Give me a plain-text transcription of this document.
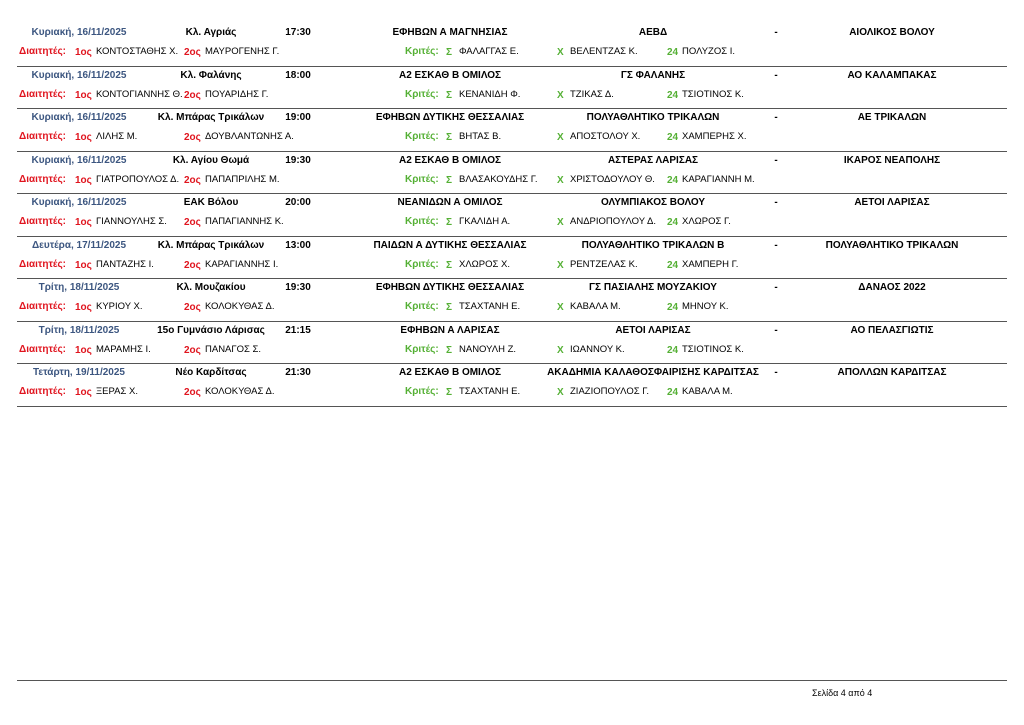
Κυριακή, 16/11/2025	Κλ. Αγριάς	17:30	ΕΦΗΒΩΝ Α ΜΑΓΝΗΣΙΑΣ	ΑΕΒΔ	-	ΑΙΟΛΙΚΟΣ ΒΟΛΟΥ
Διαιτητές: 1ος ΚΟΝΤΟΣΤΑΘΗΣ Χ. 2ος ΜΑΥΡΟΓΕΝΗΣ Γ.	Κριτές: Σ ΦΑΛΑΓΓΑΣ Ε.	Χ ΒΕΛΕΝΤΖΑΣ Κ.	24 ΠΟΛΥΖΟΣ Ι.
Κυριακή, 16/11/2025	Κλ. Φαλάνης	18:00	Α2 ΕΣΚΑΘ Β ΟΜΙΛΟΣ	ΓΣ ΦΑΛΑΝΗΣ	-	ΑΟ ΚΑΛΑΜΠΑΚΑΣ
Διαιτητές: 1ος ΚΟΝΤΟΓΙΑΝΝΗΣ Θ. 2ος ΠΟΥΑΡΙΔΗΣ Γ.	Κριτές: Σ ΚΕΝΑΝΙΔΗ Φ.	Χ ΤΖΙΚΑΣ Δ.	24 ΤΣΙΟΤΙΝΟΣ Κ.
Κυριακή, 16/11/2025	Κλ. Μπάρας Τρικάλων	19:00	ΕΦΗΒΩΝ ΔΥΤΙΚΗΣ ΘΕΣΣΑΛΙΑΣ	ΠΟΛΥΑΘΛΗΤΙΚΟ ΤΡΙΚΑΛΩΝ	-	ΑΕ ΤΡΙΚΑΛΩΝ
Διαιτητές: 1ος ΛΙΛΗΣ Μ.	2ος ΔΟΥΒΛΑΝΤΩΝΗΣ Α.	Κριτές: Σ ΒΗΤΑΣ Β.	Χ ΑΠΟΣΤΟΛΟΥ Χ.	24 ΧΑΜΠΕΡΗΣ Χ.
Κυριακή, 16/11/2025	Κλ. Αγίου Θωμά	19:30	Α2 ΕΣΚΑΘ Β ΟΜΙΛΟΣ	ΑΣΤΕΡΑΣ ΛΑΡΙΣΑΣ	-	ΙΚΑΡΟΣ ΝΕΑΠΟΛΗΣ
Διαιτητές: 1ος ΓΙΑΤΡΟΠΟΥΛΟΣ Δ. 2ος ΠΑΠΑΠΡΙΛΗΣ Μ.	Κριτές: Σ ΒΛΑΣΑΚΟΥΔΗΣ Γ. Χ ΧΡΙΣΤΟΔΟΥΛΟΥ Θ. 24 ΚΑΡΑΓΙΑΝΝΗ Μ.
Κυριακή, 16/11/2025	ΕΑΚ Βόλου	20:00	ΝΕΑΝΙΔΩΝ Α ΟΜΙΛΟΣ	ΟΛΥΜΠΙΑΚΟΣ ΒΟΛΟΥ	-	ΑΕΤΟΙ ΛΑΡΙΣΑΣ
Διαιτητές: 1ος ΓΙΑΝΝΟΥΛΗΣ Σ. 2ος ΠΑΠΑΓΙΑΝΝΗΣ Κ.	Κριτές: Σ ΓΚΑΛΙΔΗ Α.	Χ ΑΝΔΡΙΟΠΟΥΛΟΥ Δ. 24 ΧΛΩΡΟΣ Γ.
Δευτέρα, 17/11/2025	Κλ. Μπάρας Τρικάλων	13:00	ΠΑΙΔΩΝ Α ΔΥΤΙΚΗΣ ΘΕΣΣΑΛΙΑΣ	ΠΟΛΥΑΘΛΗΤΙΚΟ ΤΡΙΚΑΛΩΝ Β	-	ΠΟΛΥΑΘΛΗΤΙΚΟ ΤΡΙΚΑΛΩΝ
Διαιτητές: 1ος ΠΑΝΤΑΖΗΣ Ι.	2ος ΚΑΡΑΓΙΑΝΝΗΣ Ι.	Κριτές: Σ ΧΛΩΡΟΣ Χ.	Χ ΡΕΝΤΖΕΛΑΣ Κ.	24 ΧΑΜΠΕΡΗ Γ.
Τρίτη, 18/11/2025	Κλ. Μουζακίου	19:30	ΕΦΗΒΩΝ ΔΥΤΙΚΗΣ ΘΕΣΣΑΛΙΑΣ	ΓΣ ΠΑΣΙΑΛΗΣ ΜΟΥΖΑΚΙΟΥ	-	ΔΑΝΑΟΣ 2022
Διαιτητές: 1ος ΚΥΡΙΟΥ Χ.	2ος ΚΟΛΟΚΥΘΑΣ Δ.	Κριτές: Σ ΤΣΑΧΤΑΝΗ Ε.	Χ ΚΑΒΑΛΑ Μ.	24 ΜΗΝΟΥ Κ.
Τρίτη, 18/11/2025	15ο Γυμνάσιο Λάρισας	21:15	ΕΦΗΒΩΝ Α ΛΑΡΙΣΑΣ	ΑΕΤΟΙ ΛΑΡΙΣΑΣ	-	ΑΟ ΠΕΛΑΣΓΙΩΤΙΣ
Διαιτητές: 1ος ΜΑΡΑΜΗΣ Ι.	2ος ΠΑΝΑΓΟΣ Σ.	Κριτές: Σ ΝΑΝΟΥΛΗ Ζ.	Χ ΙΩΑΝΝΟΥ Κ.	24 ΤΣΙΟΤΙΝΟΣ Κ.
Τετάρτη, 19/11/2025	Νέο Καρδίτσας	21:30	Α2 ΕΣΚΑΘ Β ΟΜΙΛΟΣ	ΑΚΑΔΗΜΙΑ ΚΑΛΑΘΟΣΦΑΙΡΙΣΗΣ ΚΑΡΔΙΤΣΑΣ	-	ΑΠΟΛΛΩΝ ΚΑΡΔΙΤΣΑΣ
Διαιτητές: 1ος ΞΕΡΑΣ Χ.	2ος ΚΟΛΟΚΥΘΑΣ Δ.	Κριτές: Σ ΤΣΑΧΤΑΝΗ Ε.	Χ ΖΙΑΖΙΟΠΟΥΛΟΣ Γ. 24 ΚΑΒΑΛΑ Μ.
Σελίδα 4 από 4
